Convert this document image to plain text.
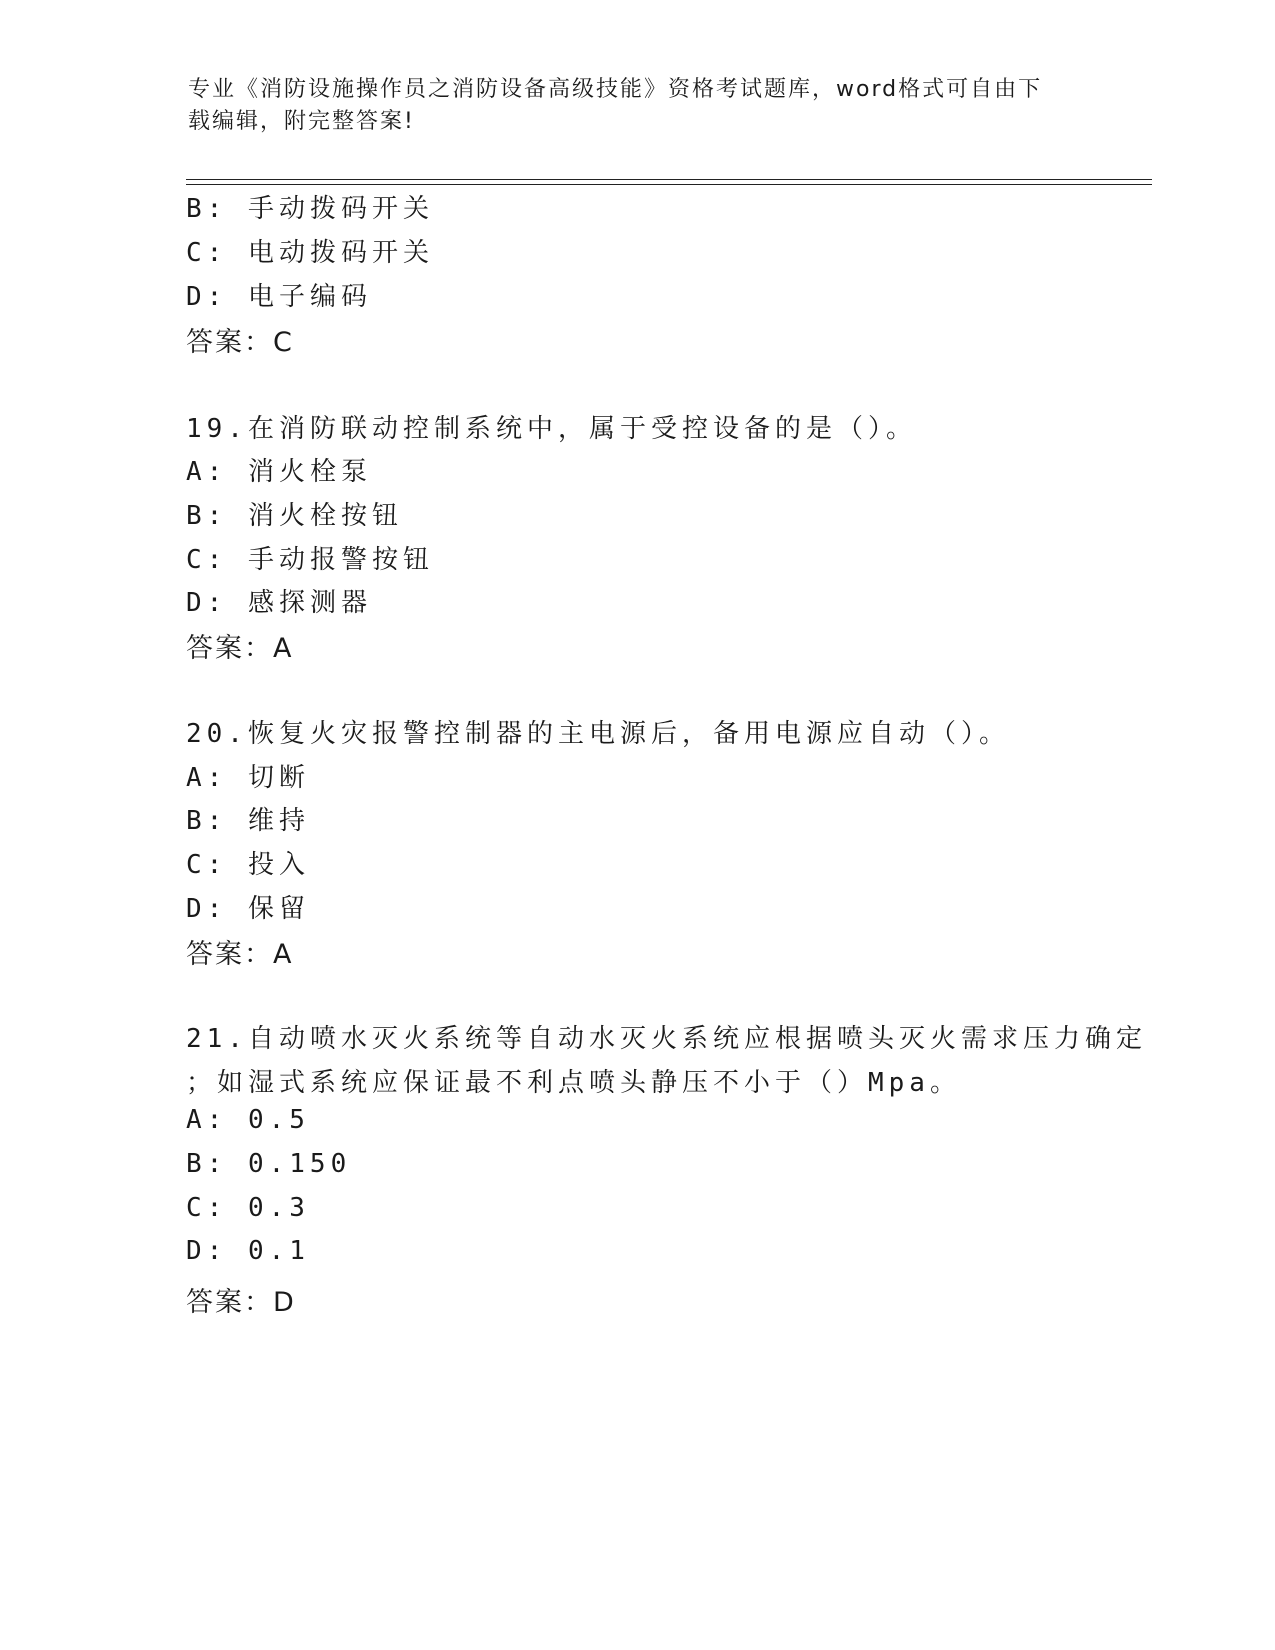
专业《消防设施操作员之消防设备高级技能》资格考试题库，word格式可自由下
载编辑，附完整答案!
B: 手动拨码开关
C: 电动拨码开关
D: 电子编码
答案：C
19.在消防联动控制系统中，属于受控设备的是（）。
A: 消火栓泵
B: 消火栓按钮
C: 手动报警按钮
D: 感探测器
答案：A
20.恢复火灾报警控制器的主电源后，备用电源应自动（）。
A: 切断
B: 维持
C: 投入
D: 保留
答案：A
21.自动喷水灭火系统等自动水灭火系统应根据喷头灭火需求压力确定
；如湿式系统应保证最不利点喷头静压不小于（）Mpa。
A: 0.5
B: 0.150
C: 0.3
D: 0.1
答案：D
